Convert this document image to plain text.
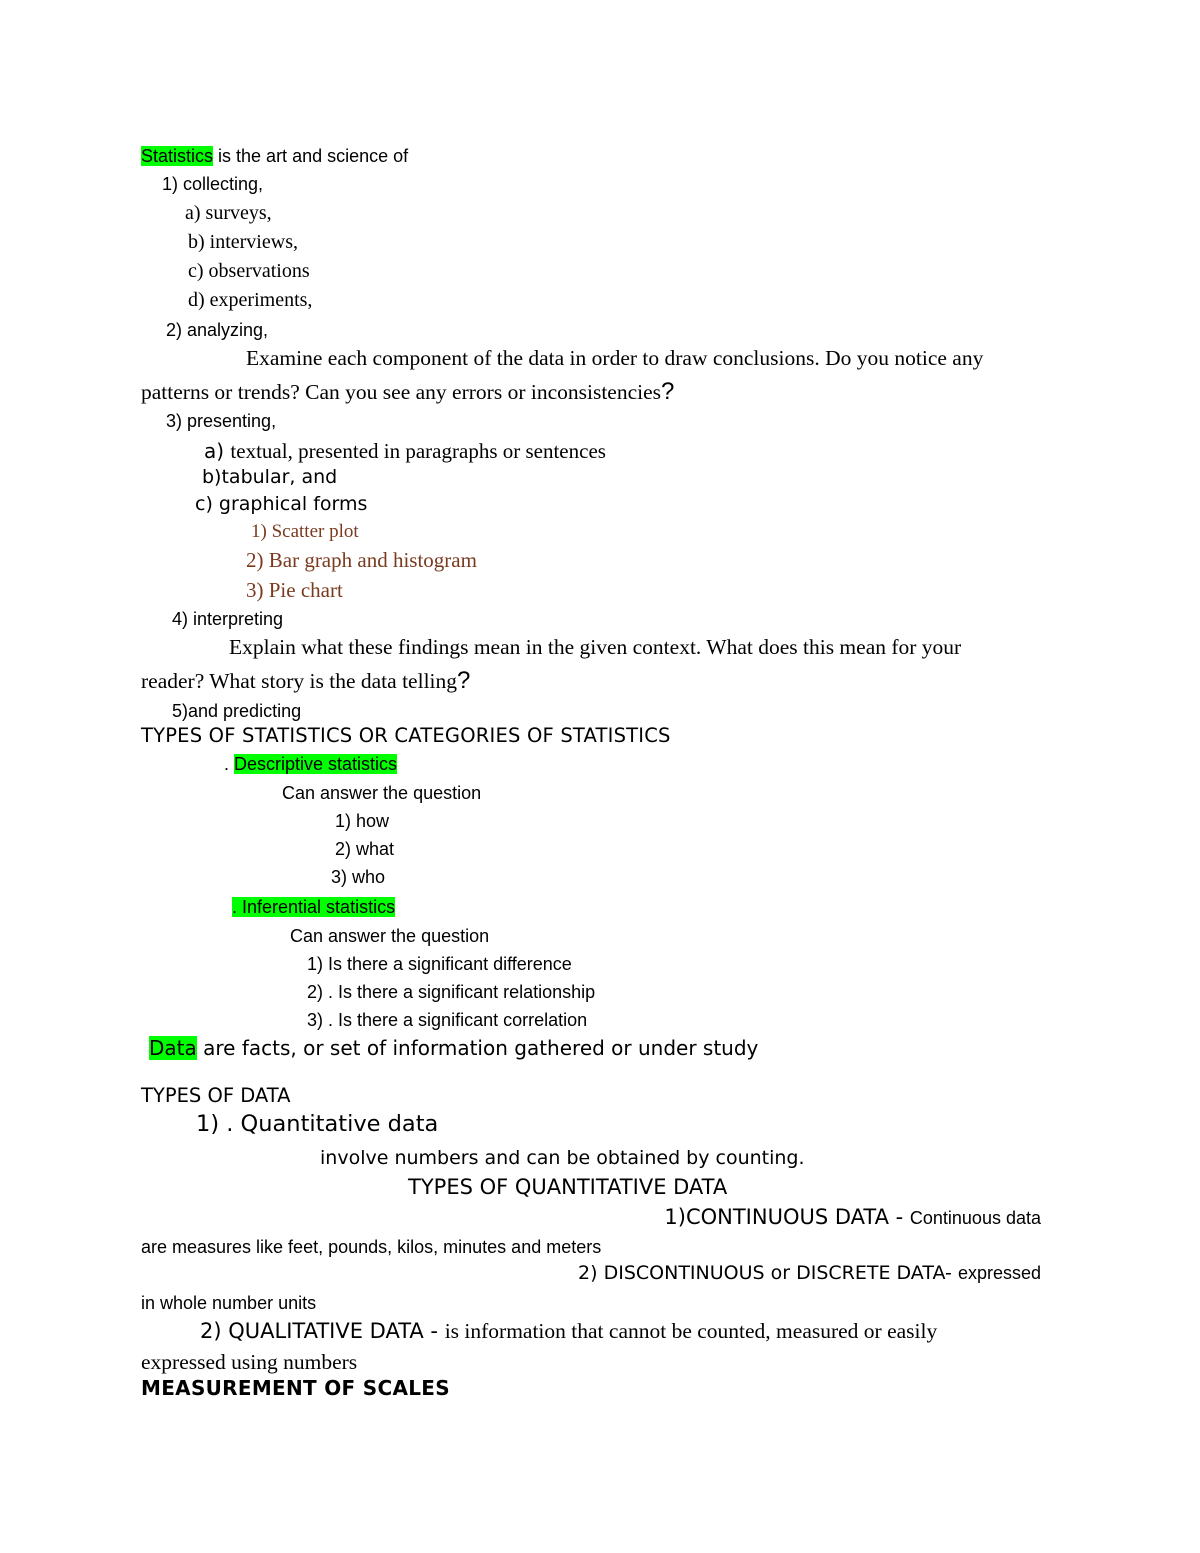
Statistics is the art and science of
1) collecting,
a) surveys,
b) interviews,
c) observations
d) experiments,
2) analyzing,
Examine each component of the data in order to draw conclusions. Do you notice any
patterns or trends? Can you see any errors or inconsistencies?
3) presenting,
a) textual, presented in paragraphs or sentences
b)tabular, and
c) graphical forms
1) Scatter plot
2) Bar graph and histogram
3) Pie chart
4) interpreting
Explain what these findings mean in the given context. What does this mean for your
reader? What story is the data telling?
5)and predicting
TYPES OF STATISTICS OR CATEGORIES OF STATISTICS
. Descriptive statistics
Can answer the question
1) how
2) what
3) who
. Inferential statistics
Can answer the question
1) Is there a significant difference
2) . Is there a significant relationship
3) . Is there a significant correlation
Data are facts, or set of information gathered or under study
TYPES OF DATA
1) . Quantitative data
involve numbers and can be obtained by counting.
TYPES OF QUANTITATIVE DATA
1)CONTINUOUS DATA - Continuous data
are measures like feet, pounds, kilos, minutes and meters
2) DISCONTINUOUS or DISCRETE DATA- expressed
in whole number units
2) QUALITATIVE DATA - is information that cannot be counted, measured or easily
expressed using numbers
MEASUREMENT OF SCALES
